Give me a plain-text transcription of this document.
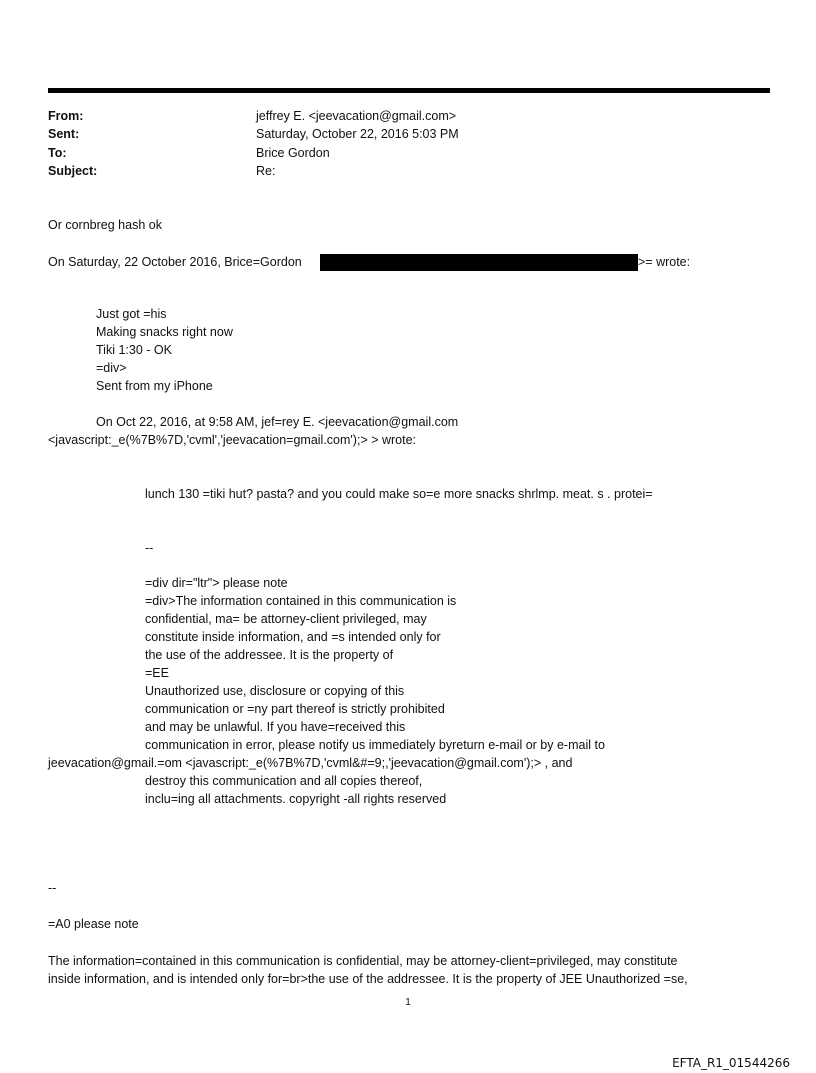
From:	jeffrey E. <jeevacation@gmail.com>
Sent:	Saturday, October 22, 2016 5:03 PM
To:	Brice Gordon
Subject:	Re:
Or cornbreg hash ok
On Saturday, 22 October 2016, Brice=Gordon	>= wrote:
Just got =his
Making snacks right now
Tiki 1:30 - OK
=div>
Sent from my iPhone
On Oct 22, 2016, at 9:58 AM, jef=rey E. <jeevacation@gmail.com
<javascript:_e(%7B%7D,'cvml','jeevacation=gmail.com');> > wrote:
lunch 130 =tiki hut? pasta? and you could make so=e more snacks shrlmp. meat. s . protei=
--
=div dir="ltr"> please note
=div>The information contained in this communication is
confidential, ma= be attorney-client privileged, may
constitute inside information, and =s intended only for
the use of the addressee. It is the property of
=EE
Unauthorized use, disclosure or copying of this
communication or =ny part thereof is strictly prohibited
and may be unlawful. If you have=received this
communication in error, please notify us immediately byreturn e-mail or by e-mail to
jeevacation@gmail.=om <javascript:_e(%7B%7D,'cvml&#=9;,'jeevacation@gmail.com');> , and
destroy this communication and all copies thereof,
inclu=ing all attachments. copyright -all rights reserved
--
=A0 please note
The information=contained in this communication is confidential, may be attorney-client=privileged, may constitute
inside information, and is intended only for=br>the use of the addressee. It is the property of JEE Unauthorized =se,
1
EFTA_R1_01544266
